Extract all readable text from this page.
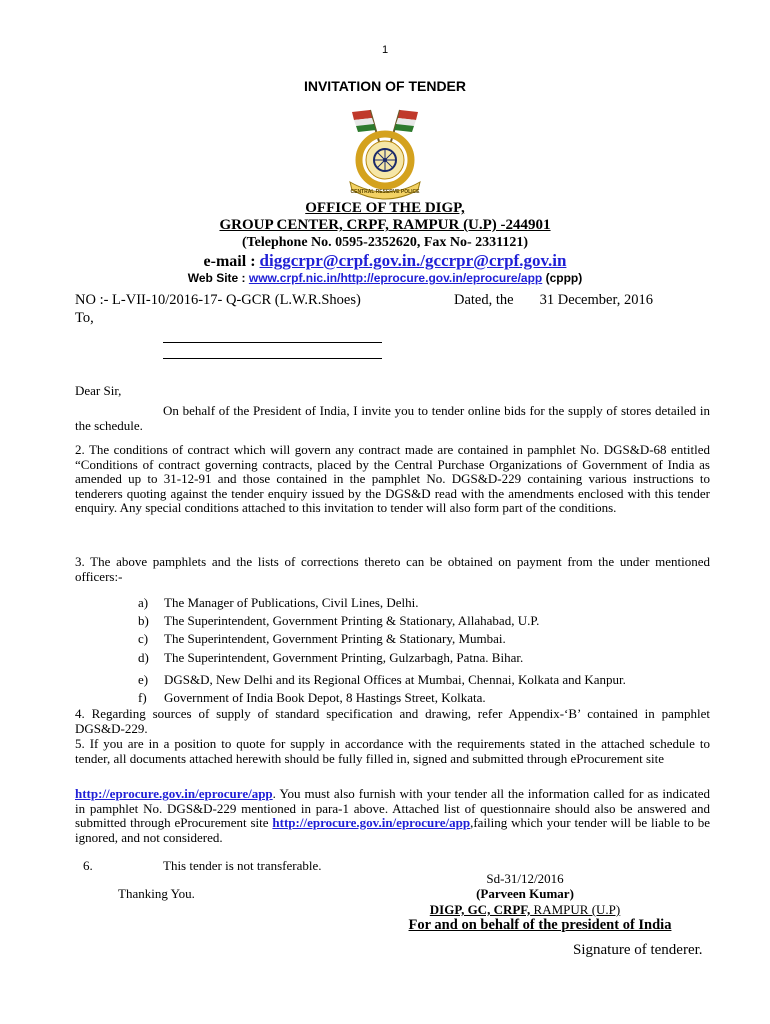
1
INVITATION OF TENDER
CENTRAL RESERVE POLICE
OFFICE OF THE DIGP,
GROUP CENTER, CRPF, RAMPUR (U.P) -244901
(Telephone No. 0595-2352620, Fax No- 2331121)
e-mail : diggcrpr@crpf.gov.in./gccrpr@crpf.gov.in
Web Site : www.crpf.nic.in/http://eprocure.gov.in/eprocure/app (cppp)
NO :- L-VII-10/2016-17- Q-GCR (L.W.R.Shoes)	Dated, the 31 December, 2016
To,
Dear Sir,
On behalf of the President of India, I invite you to tender online bids for the supply of stores detailed in the schedule.
2. The conditions of contract which will govern any contract made are contained in pamphlet No. DGS&D-68 entitled “Conditions of contract governing contracts, placed by the Central Purchase Organizations of Government of India as amended up to 31-12-91 and those contained in the pamphlet No. DGS&D-229 containing various instructions to tenderers quoting against the tender enquiry issued by the DGS&D read with the amendments enclosed with this tender enquiry. Any special conditions attached to this invitation to tender will also form part of the conditions.
3. The above pamphlets and the lists of corrections thereto can be obtained on payment from the under mentioned officers:-
a) The Manager of Publications, Civil Lines, Delhi.
b) The Superintendent, Government Printing & Stationary, Allahabad, U.P.
c) The Superintendent, Government Printing & Stationary, Mumbai.
d) The Superintendent, Government Printing, Gulzarbagh, Patna. Bihar.
e) DGS&D, New Delhi and its Regional Offices at Mumbai, Chennai, Kolkata and Kanpur.
f) Government of India Book Depot, 8 Hastings Street, Kolkata.
4. Regarding sources of supply of standard specification and drawing, refer Appendix-‘B’ contained in pamphlet DGS&D-229.
5. If you are in a position to quote for supply in accordance with the requirements stated in the attached schedule to tender, all documents attached herewith should be fully filled in, signed and submitted through eProcurement site
http://eprocure.gov.in/eprocure/app. You must also furnish with your tender all the information called for as indicated in pamphlet No. DGS&D-229 mentioned in para-1 above. Attached list of questionnaire should also be answered and submitted through eProcurement site http://eprocure.gov.in/eprocure/app,failing which your tender will be liable to be ignored, and not considered.
6.	This tender is not transferable.
Thanking You.
Sd-31/12/2016
(Parveen Kumar)
DIGP, GC, CRPF, RAMPUR (U.P)
For and on behalf of the president of India
Signature of tenderer.
